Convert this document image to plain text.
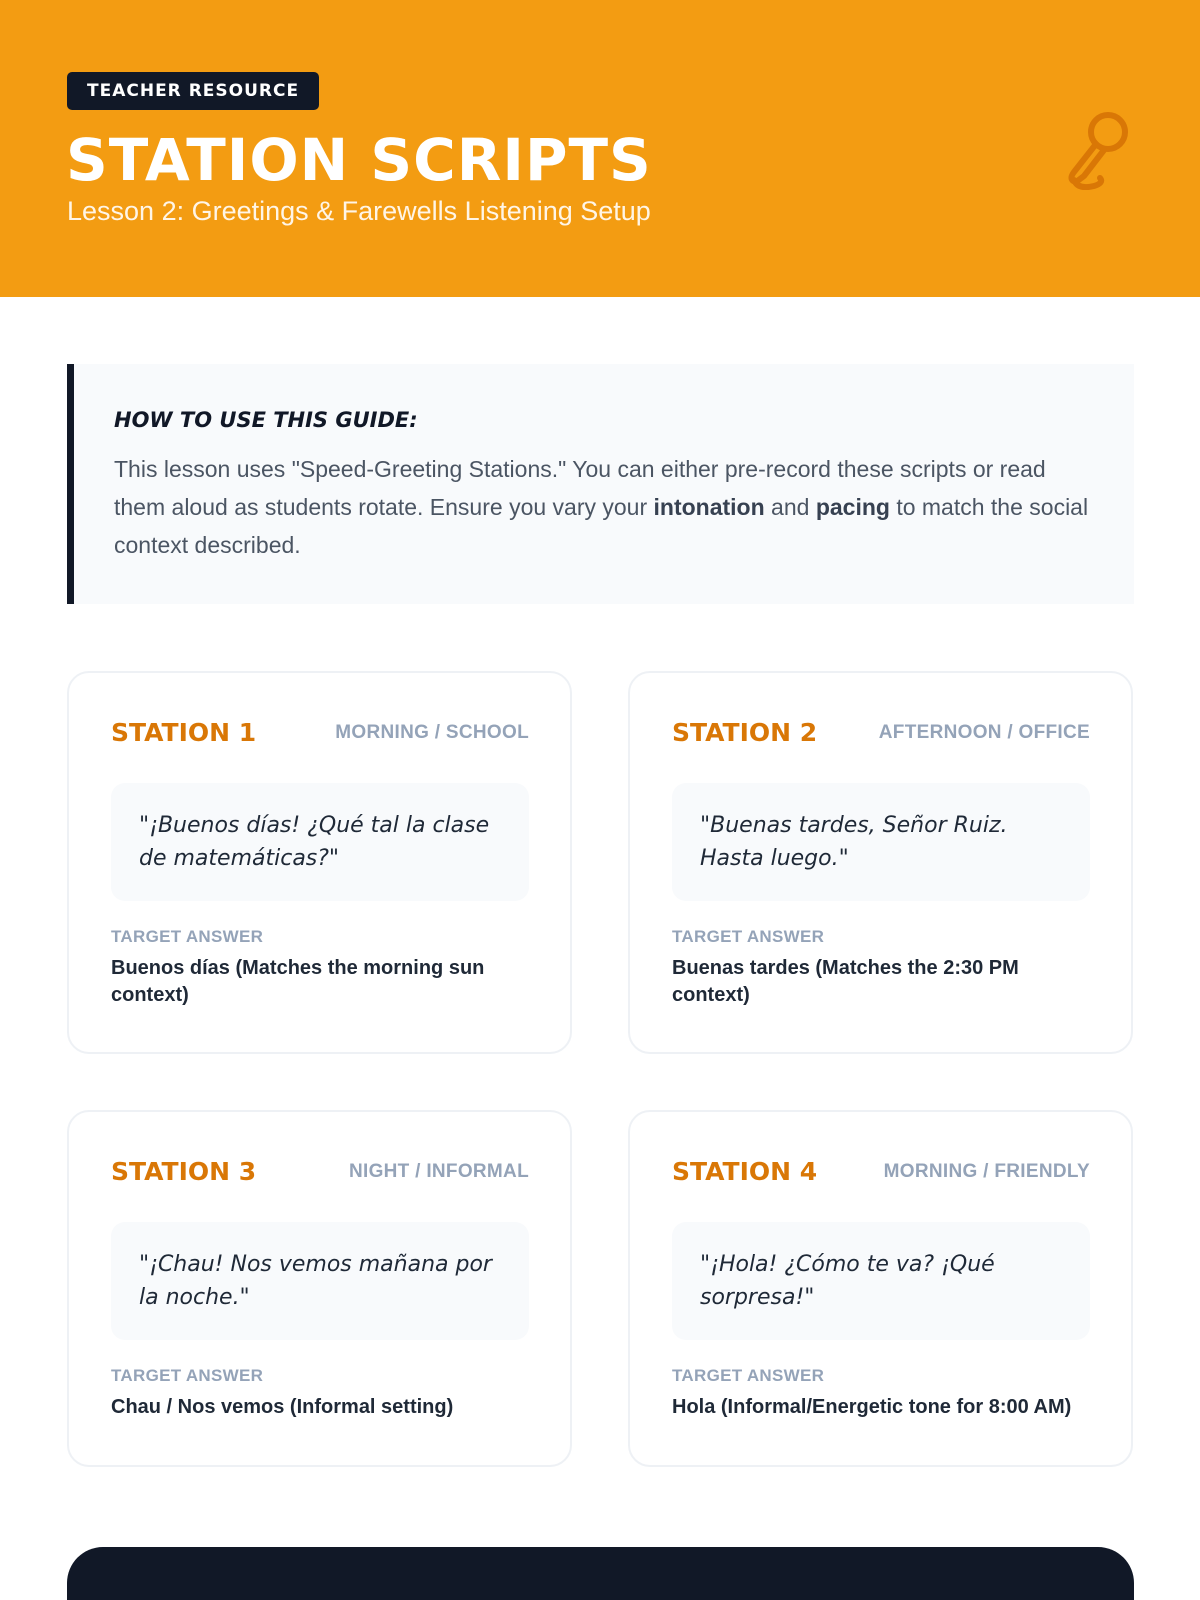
TEACHER RESOURCE
STATION SCRIPTS
Lesson 2: Greetings & Farewells Listening Setup
HOW TO USE THIS GUIDE:
This lesson uses "Speed-Greeting Stations." You can either pre-record these scripts or read them aloud as students rotate. Ensure you vary your intonation and pacing to match the social context described.
STATION 1	MORNING / SCHOOL
"¡Buenos días! ¿Qué tal la clase de matemáticas?"
TARGET ANSWER
Buenos días (Matches the morning sun context)
STATION 2	AFTERNOON / OFFICE
"Buenas tardes, Señor Ruiz. Hasta luego."
TARGET ANSWER
Buenas tardes (Matches the 2:30 PM context)
STATION 3	NIGHT / INFORMAL
"¡Chau! Nos vemos mañana por la noche."
TARGET ANSWER
Chau / Nos vemos (Informal setting)
STATION 4	MORNING / FRIENDLY
"¡Hola! ¿Cómo te va? ¡Qué sorpresa!"
TARGET ANSWER
Hola (Informal/Energetic tone for 8:00 AM)
